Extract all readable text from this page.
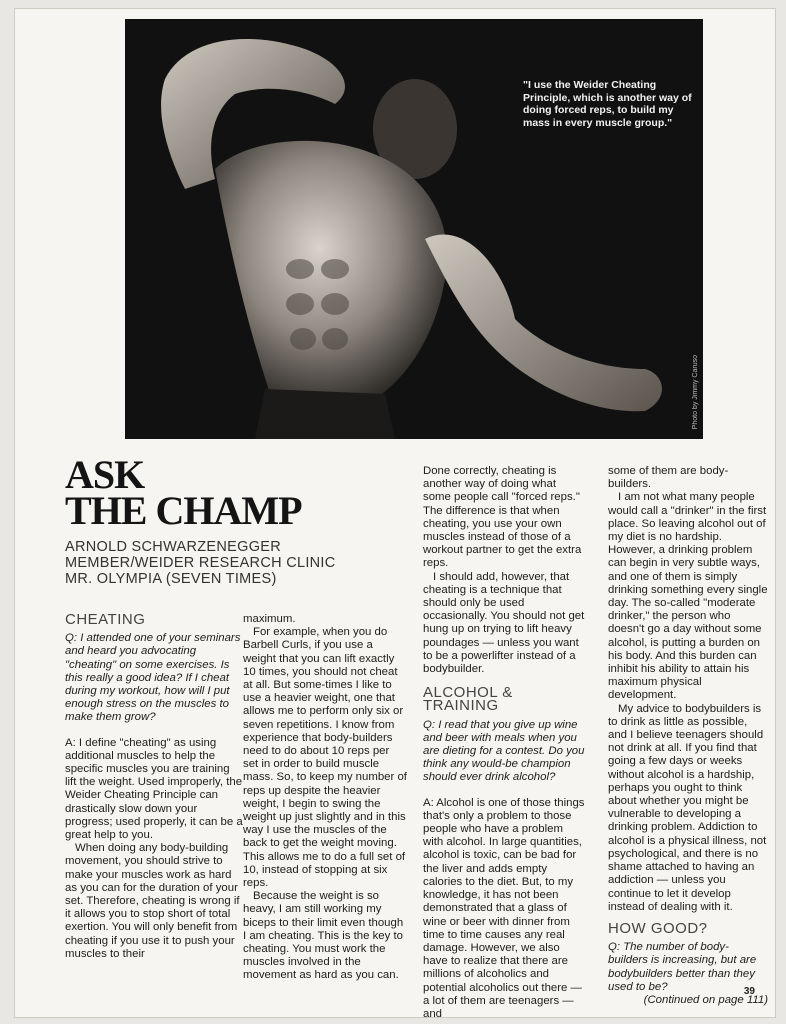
"I use the Weider Cheating Principle, which is another way of doing forced reps, to build my mass in every muscle group."
Photo by Jimmy Caruso
ASK
THE CHAMP
ARNOLD SCHWARZENEGGER
MEMBER/WEIDER RESEARCH CLINIC
MR. OLYMPIA (SEVEN TIMES)
CHEATING

Q: I attended one of your seminars and heard you advocating "cheating" on some exercises. Is this really a good idea? If I cheat during my workout, how will I put enough stress on the muscles to make them grow?

A: I define "cheating" as using additional muscles to help the specific muscles you are training lift the weight. Used improperly, the Weider Cheating Principle can drastically slow down your progress; used properly, it can be a great help to you.

When doing any body-building movement, you should strive to make your muscles work as hard as you can for the duration of your set. Therefore, cheating is wrong if it allows you to stop short of total exertion. You will only benefit from cheating if you use it to push your muscles to their

maximum.

For example, when you do Barbell Curls, if you use a weight that you can lift exactly 10 times, you should not cheat at all. But some-times I like to use a heavier weight, one that allows me to perform only six or seven repetitions. I know from experience that body-builders need to do about 10 reps per set in order to build muscle mass. So, to keep my number of reps up despite the heavier weight, I begin to swing the weight up just slightly and in this way I use the muscles of the back to get the weight moving. This allows me to do a full set of 10, instead of stopping at six reps.

Because the weight is so heavy, I am still working my biceps to their limit even though I am cheating. This is the key to cheating. You must work the muscles involved in the movement as hard as you can.

Done correctly, cheating is another way of doing what some people call "forced reps." The difference is that when cheating, you use your own muscles instead of those of a workout partner to get the extra reps.

I should add, however, that cheating is a technique that should only be used occasionally. You should not get hung up on trying to lift heavy poundages — unless you want to be a powerlifter instead of a bodybuilder.

ALCOHOL & TRAINING

Q: I read that you give up wine and beer with meals when you are dieting for a contest. Do you think any would-be champion should ever drink alcohol?

A: Alcohol is one of those things that's only a problem to those people who have a problem with alcohol. In large quantities, alcohol is toxic, can be bad for the liver and adds empty calories to the diet. But, to my knowledge, it has not been demonstrated that a glass of wine or beer with dinner from time to time causes any real damage. However, we also have to realize that there are millions of alcoholics and potential alcoholics out there — a lot of them are teenagers — and

some of them are body-builders.

I am not what many people would call a "drinker" in the first place. So leaving alcohol out of my diet is no hardship. However, a drinking problem can begin in very subtle ways, and one of them is simply drinking something every single day. The so-called "moderate drinker," the person who doesn't go a day without some alcohol, is putting a burden on his body. And this burden can inhibit his ability to attain his maximum physical development.

My advice to bodybuilders is to drink as little as possible, and I believe teenagers should not drink at all. If you find that going a few days or weeks without alcohol is a hardship, perhaps you ought to think about whether you might be vulnerable to developing a drinking problem. Addiction to alcohol is a physical illness, not psychological, and there is no shame attached to having an addiction — unless you continue to let it develop instead of dealing with it.

HOW GOOD?

Q: The number of body-builders is increasing, but are bodybuilders better than they used to be?

(Continued on page 111)

39
